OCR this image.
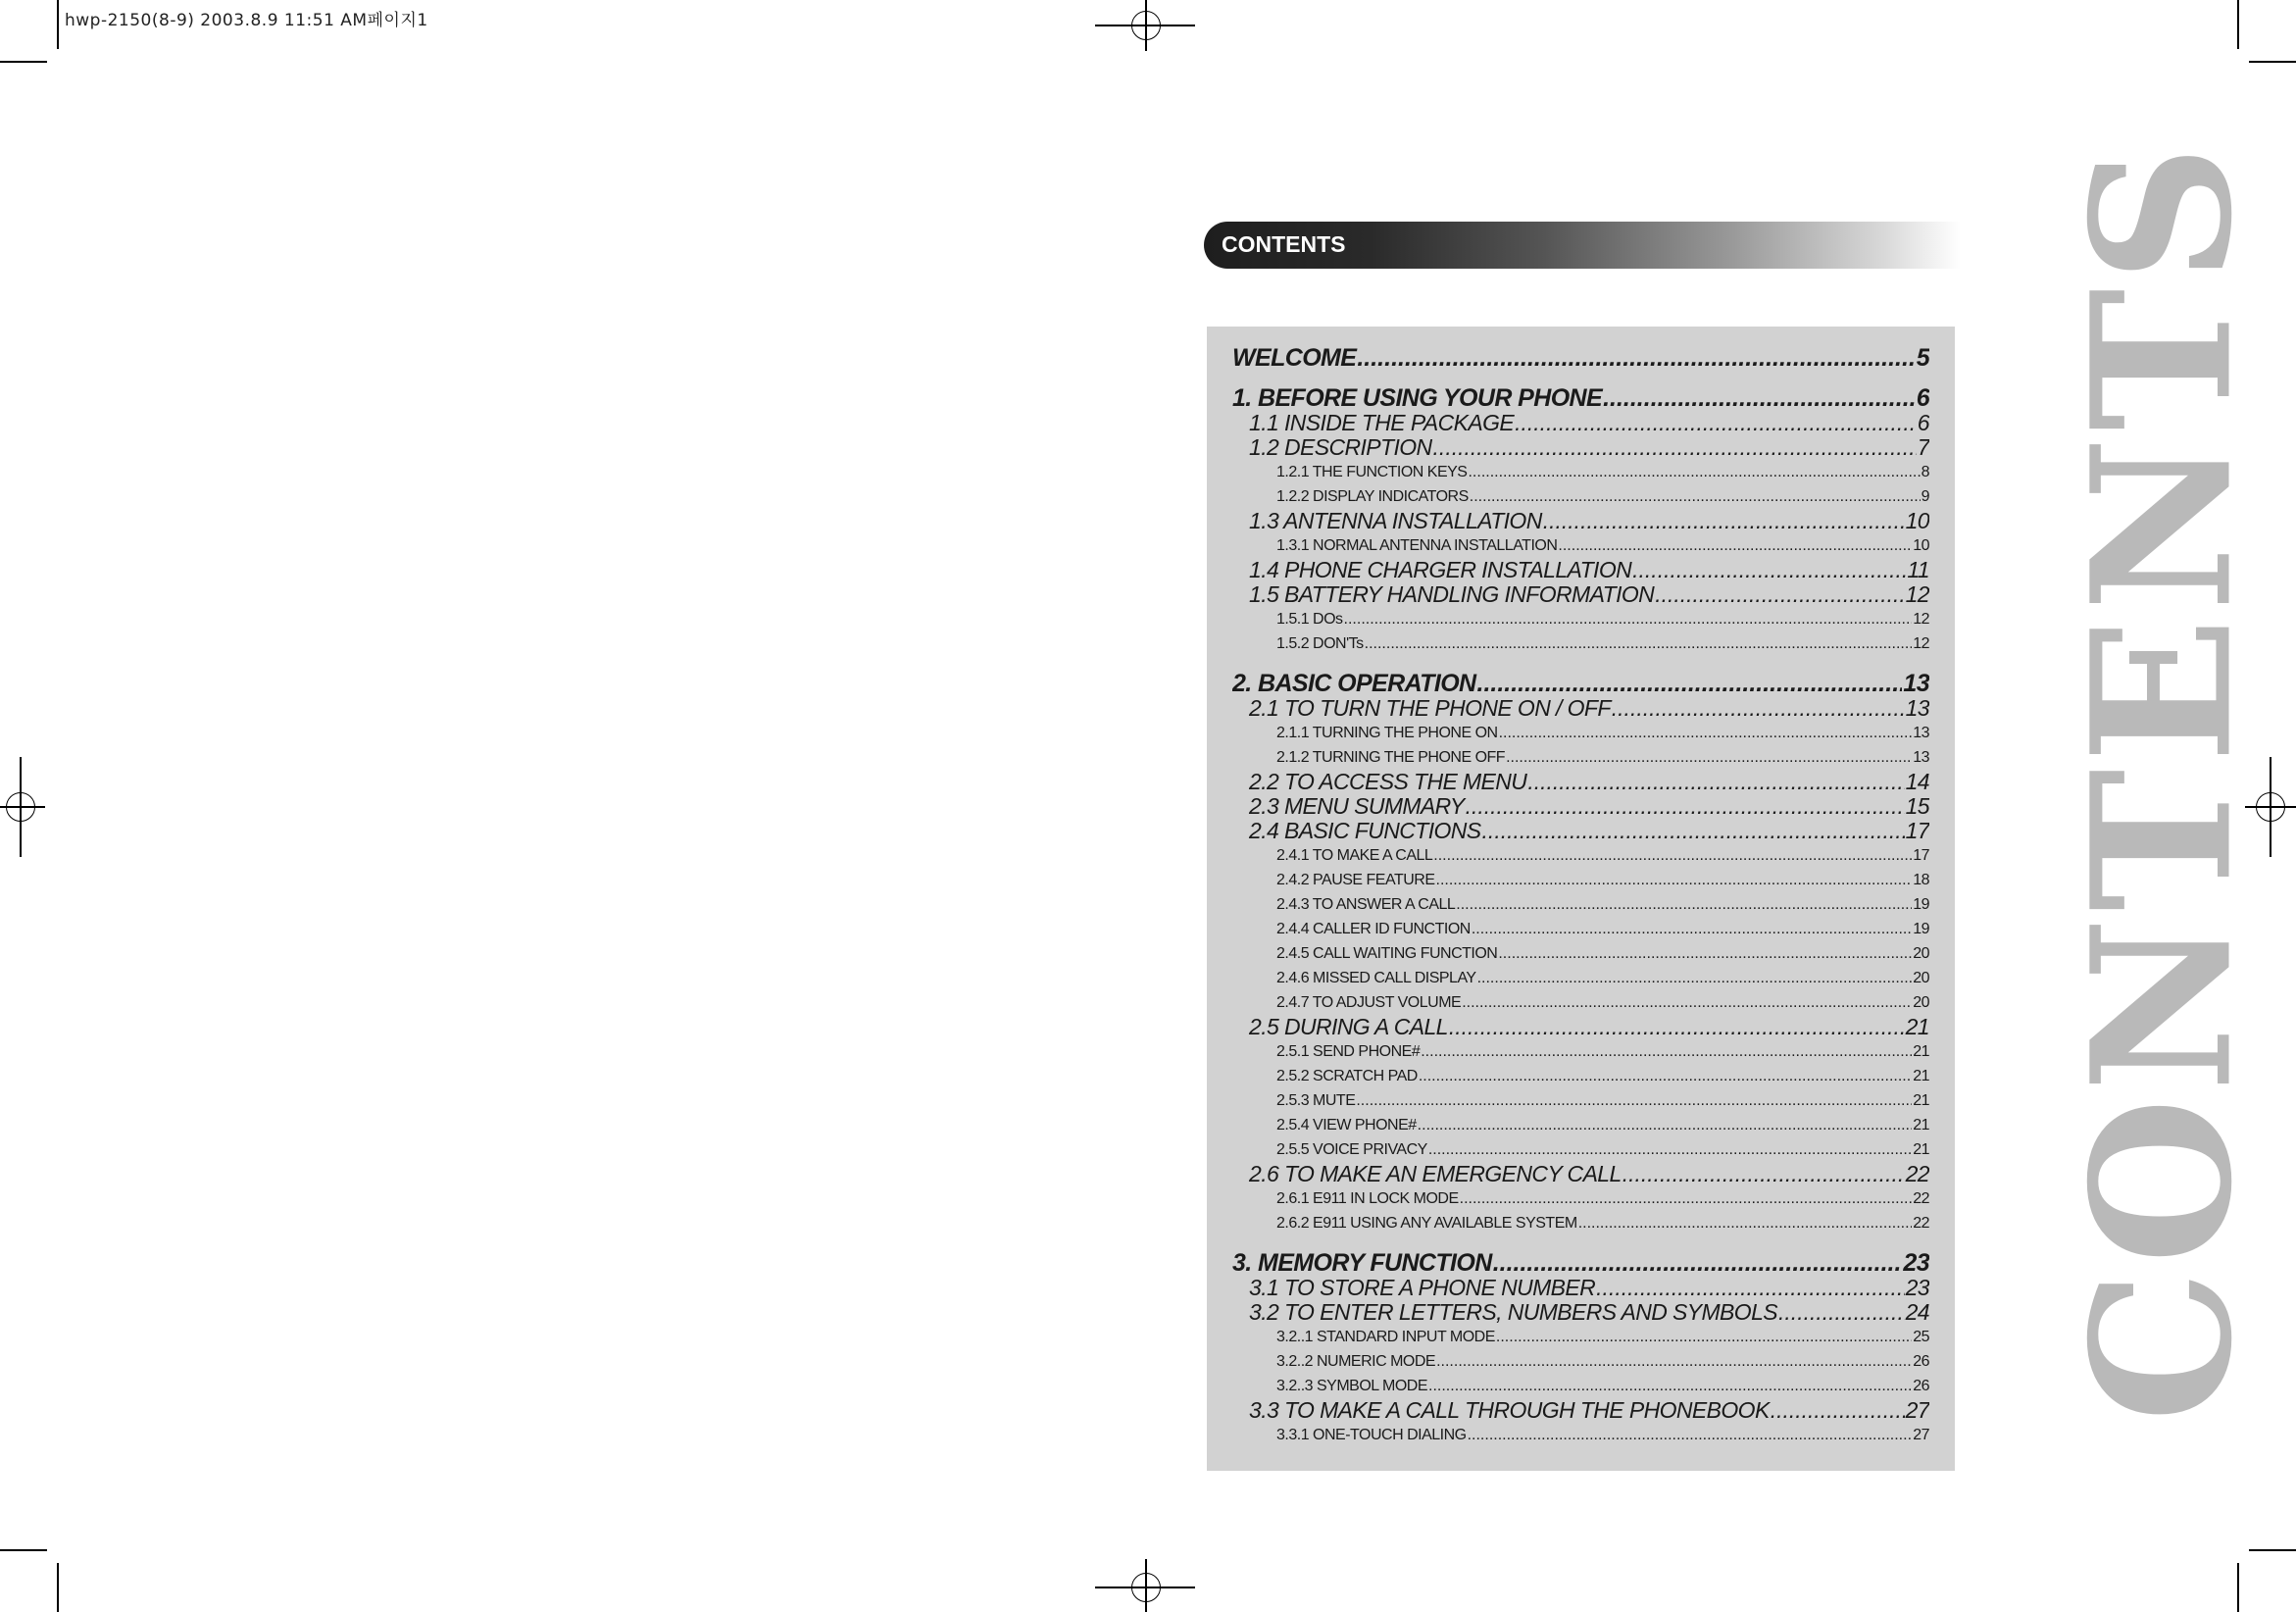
hwp-2150(8-9) 2003.8.9 11:51 AM페이지1
CONTENTS
WELCOME .....	5
1. BEFORE USING YOUR PHONE .....	6
1.1 INSIDE THE PACKAGE .....	6
1.2 DESCRIPTION .....	7
1.2.1 THE FUNCTION KEYS .....	8
1.2.2 DISPLAY INDICATORS .....	9
1.3 ANTENNA INSTALLATION .....	10
1.3.1 NORMAL ANTENNA INSTALLATION .....	10
1.4 PHONE CHARGER INSTALLATION .....	11
1.5 BATTERY HANDLING INFORMATION .....	12
1.5.1 DOs .....	12
1.5.2 DON'Ts .....	12
2. BASIC OPERATION .....	13
2.1 TO TURN THE PHONE ON / OFF .....	13
2.1.1 TURNING THE PHONE ON .....	13
2.1.2 TURNING THE PHONE OFF .....	13
2.2 TO ACCESS THE MENU .....	14
2.3 MENU SUMMARY .....	15
2.4 BASIC FUNCTIONS .....	17
2.4.1 TO MAKE A CALL .....	17
2.4.2 PAUSE FEATURE .....	18
2.4.3 TO ANSWER A CALL .....	19
2.4.4 CALLER ID FUNCTION .....	19
2.4.5 CALL WAITING FUNCTION .....	20
2.4.6 MISSED CALL DISPLAY .....	20
2.4.7 TO ADJUST VOLUME .....	20
2.5 DURING A CALL .....	21
2.5.1 SEND PHONE# .....	21
2.5.2 SCRATCH PAD .....	21
2.5.3 MUTE .....	21
2.5.4 VIEW PHONE# .....	21
2.5.5 VOICE PRIVACY .....	21
2.6 TO MAKE AN EMERGENCY CALL .....	22
2.6.1 E911 IN LOCK MODE .....	22
2.6.2 E911 USING ANY AVAILABLE SYSTEM .....	22
3. MEMORY FUNCTION .....	23
3.1 TO STORE A PHONE NUMBER .....	23
3.2 TO ENTER LETTERS, NUMBERS AND SYMBOLS .....	24
3.2..1 STANDARD INPUT MODE .....	25
3.2..2 NUMERIC MODE .....	26
3.2..3 SYMBOL MODE .....	26
3.3 TO MAKE A CALL THROUGH THE PHONEBOOK .....	27
3.3.1 ONE-TOUCH DIALING .....	27
CONTENTS
